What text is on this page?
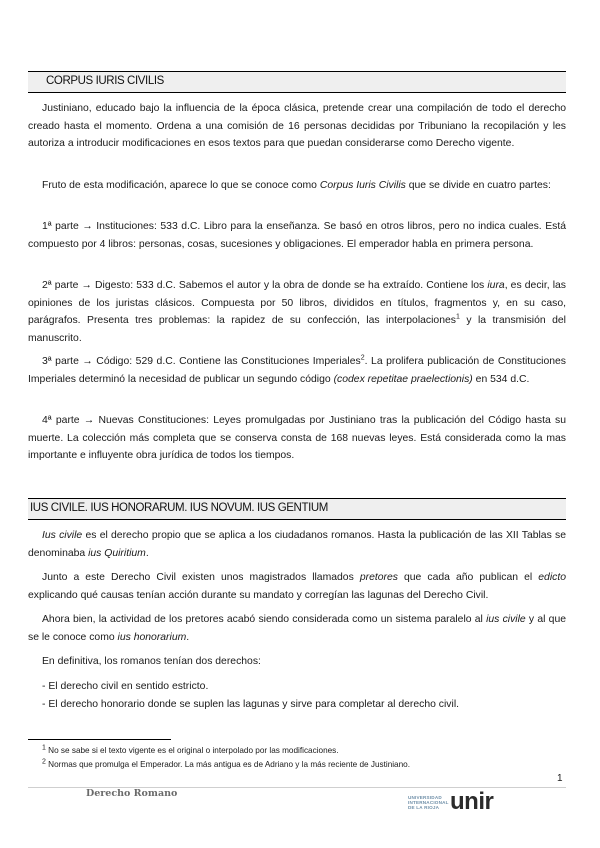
CORPUS IURIS CIVILIS

Justiniano, educado bajo la influencia de la época clásica, pretende crear una compilación de todo el derecho creado hasta el momento. Ordena a una comisión de 16 personas decididas por Tribuniano la recopilación y les autoriza a introducir modificaciones en esos textos para que puedan considerarse como Derecho vigente.

Fruto de esta modificación, aparece lo que se conoce como Corpus Iuris Civilis que se divide en cuatro partes:

1ª parte → Instituciones: 533 d.C. Libro para la enseñanza. Se basó en otros libros, pero no indica cuales. Está compuesto por 4 libros: personas, cosas, sucesiones y obligaciones. El emperador habla en primera persona.

2ª parte → Digesto: 533 d.C. Sabemos el autor y la obra de donde se ha extraído. Contiene los iura, es decir, las opiniones de los juristas clásicos. Compuesta por 50 libros, divididos en títulos, fragmentos y, en su caso, parágrafos. Presenta tres problemas: la rapidez de su confección, las interpolaciones$^1$ y la transmisión del manuscrito.

3ª parte → Código: 529 d.C. Contiene las Constituciones Imperiales$^2$. La prolifera publicación de Constituciones Imperiales determinó la necesidad de publicar un segundo código (codex repetitae praelectionis) en 534 d.C.

4ª parte → Nuevas Constituciones: Leyes promulgadas por Justiniano tras la publicación del Código hasta su muerte. La colección más completa que se conserva consta de 168 nuevas leyes. Está considerada como la mas importante e influyente obra jurídica de todos los tiempos.

IUS CIVILE. IUS HONORARUM. IUS NOVUM. IUS GENTIUM

Ius civile es el derecho propio que se aplica a los ciudadanos romanos. Hasta la publicación de las XII Tablas se denominaba ius Quiritium.

Junto a este Derecho Civil existen unos magistrados llamados pretores que cada año publican el edicto explicando qué causas tenían acción durante su mandato y corregían las lagunas del Derecho Civil.

Ahora bien, la actividad de los pretores acabó siendo considerada como un sistema paralelo al ius civile y al que se le conoce como ius honorarium.

En definitiva, los romanos tenían dos derechos:

- El derecho civil en sentido estricto.
- El derecho honorario donde se suplen las lagunas y sirve para completar al derecho civil.
$^1$ No se sabe si el texto vigente es el original o interpolado por las modificaciones.
$^2$ Normas que promulga el Emperador. La más antigua es de Adriano y la más reciente de Justiniano.
1
Derecho Romano	UNIVERSIDAD
INTERNACIONAL
DE LA RIOJA unir
